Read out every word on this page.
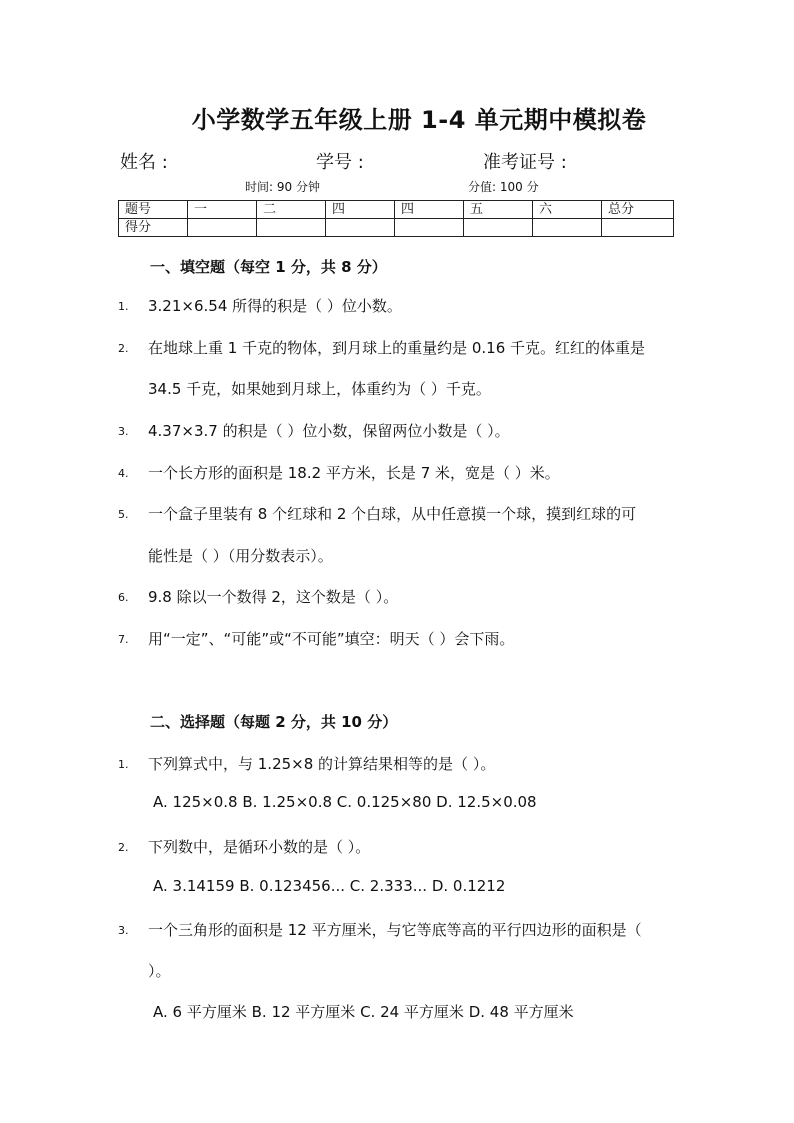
小学数学五年级上册 1-4 单元期中模拟卷
姓名 :	学号 :	准考证号 :
时间: 90 分钟	分值: 100 分
题号	一	二	四	四	五	六	总分
得分							
一、填空题（每空 1 分，共 8 分）
1. 3.21×6.54 所得的积是（ ）位小数。
2. 在地球上重 1 千克的物体，到月球上的重量约是 0.16 千克。红红的体重是
34.5 千克，如果她到月球上，体重约为（ ）千克。
3. 4.37×3.7 的积是（ ）位小数，保留两位小数是（ ）。
4. 一个长方形的面积是 18.2 平方米，长是 7 米，宽是（ ）米。
5. 一个盒子里装有 8 个红球和 2 个白球，从中任意摸一个球，摸到红球的可
能性是（ ）（用分数表示）。
6. 9.8 除以一个数得 2，这个数是（ ）。
7. 用“一定”、“可能”或“不可能”填空：明天（ ）会下雨。
二、选择题（每题 2 分，共 10 分）
1. 下列算式中，与 1.25×8 的计算结果相等的是（ ）。
A. 125×0.8 B. 1.25×0.8 C. 0.125×80 D. 12.5×0.08
2. 下列数中，是循环小数的是（ ）。
A. 3.14159 B. 0.123456... C. 2.333... D. 0.1212
3. 一个三角形的面积是 12 平方厘米，与它等底等高的平行四边形的面积是（
）。
A. 6 平方厘米 B. 12 平方厘米 C. 24 平方厘米 D. 48 平方厘米
